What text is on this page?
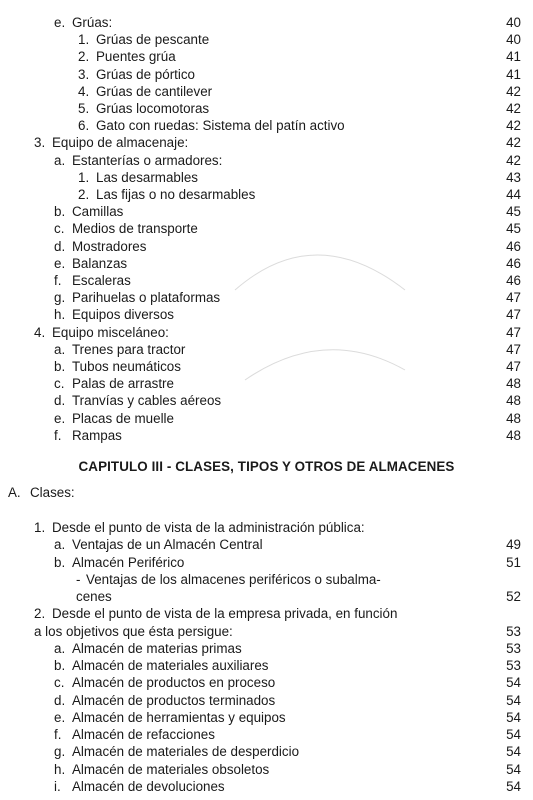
e. Grúas:	40
1. Grúas de pescante	40
2. Puentes grúa	41
3. Grúas de pórtico	41
4. Grúas de cantilever	42
5. Grúas locomotoras	42
6. Gato con ruedas: Sistema del patín activo	42
3. Equipo de almacenaje:	42
a. Estanterías o armadores:	42
1. Las desarmables	43
2. Las fijas o no desarmables	44
b. Camillas	45
c. Medios de transporte	45
d. Mostradores	46
e. Balanzas	46
f. Escaleras	46
g. Parihuelas o plataformas	47
h. Equipos diversos	47
4. Equipo misceláneo:	47
a. Trenes para tractor	47
b. Tubos neumáticos	47
c. Palas de arrastre	48
d. Tranvías y cables aéreos	48
e. Placas de muelle	48
f. Rampas	48
CAPITULO III - CLASES, TIPOS Y OTROS DE ALMACENES
A. Clases:
1. Desde el punto de vista de la administración pública:
a. Ventajas de un Almacén Central	49
b. Almacén Periférico	51
- Ventajas de los almacenes periféricos o subalma-
cenes	52
2. Desde el punto de vista de la empresa privada, en función
a los objetivos que ésta persigue:	53
a. Almacén de materias primas	53
b. Almacén de materiales auxiliares	53
c. Almacén de productos en proceso	54
d. Almacén de productos terminados	54
e. Almacén de herramientas y equipos	54
f. Almacén de refacciones	54
g. Almacén de materiales de desperdicio	54
h. Almacén de materiales obsoletos	54
i. Almacén de devoluciones	54
